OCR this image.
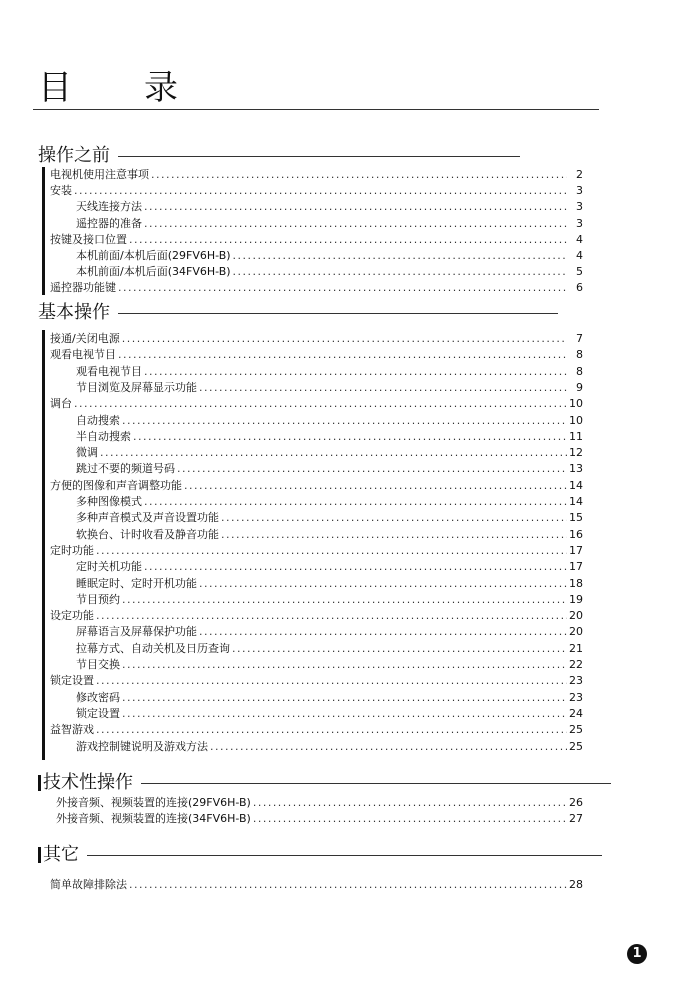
目录
操作之前
电视机使用注意事项 .....	2
安装 .....	3
天线连接方法 .....	3
遥控器的准备 .....	3
按键及接口位置 .....	4
本机前面/本机后面(29FV6H-B) .....	4
本机前面/本机后面(34FV6H-B) .....	5
遥控器功能键 .....	6
基本操作
接通/关闭电源 .....	7
观看电视节目 .....	8
观看电视节目 .....	8
节目浏览及屏幕显示功能 .....	9
调台 .....	10
自动搜索 .....	10
半自动搜索 .....	11
微调 .....	12
跳过不要的频道号码 .....	13
方便的图像和声音调整功能 .....	14
多种图像模式 .....	14
多种声音模式及声音设置功能 .....	15
软换台、计时收看及静音功能 .....	16
定时功能 .....	17
定时关机功能 .....	17
睡眠定时、定时开机功能 .....	18
节目预约 .....	19
设定功能 .....	20
屏幕语言及屏幕保护功能 .....	20
拉幕方式、自动关机及日历查询 .....	21
节目交换 .....	22
锁定设置 .....	23
修改密码 .....	23
锁定设置 .....	24
益智游戏 .....	25
游戏控制键说明及游戏方法 .....	25
技术性操作
外接音频、视频装置的连接(29FV6H-B) .....	26
外接音频、视频装置的连接(34FV6H-B) .....	27
其它
简单故障排除法 .....	28
1
